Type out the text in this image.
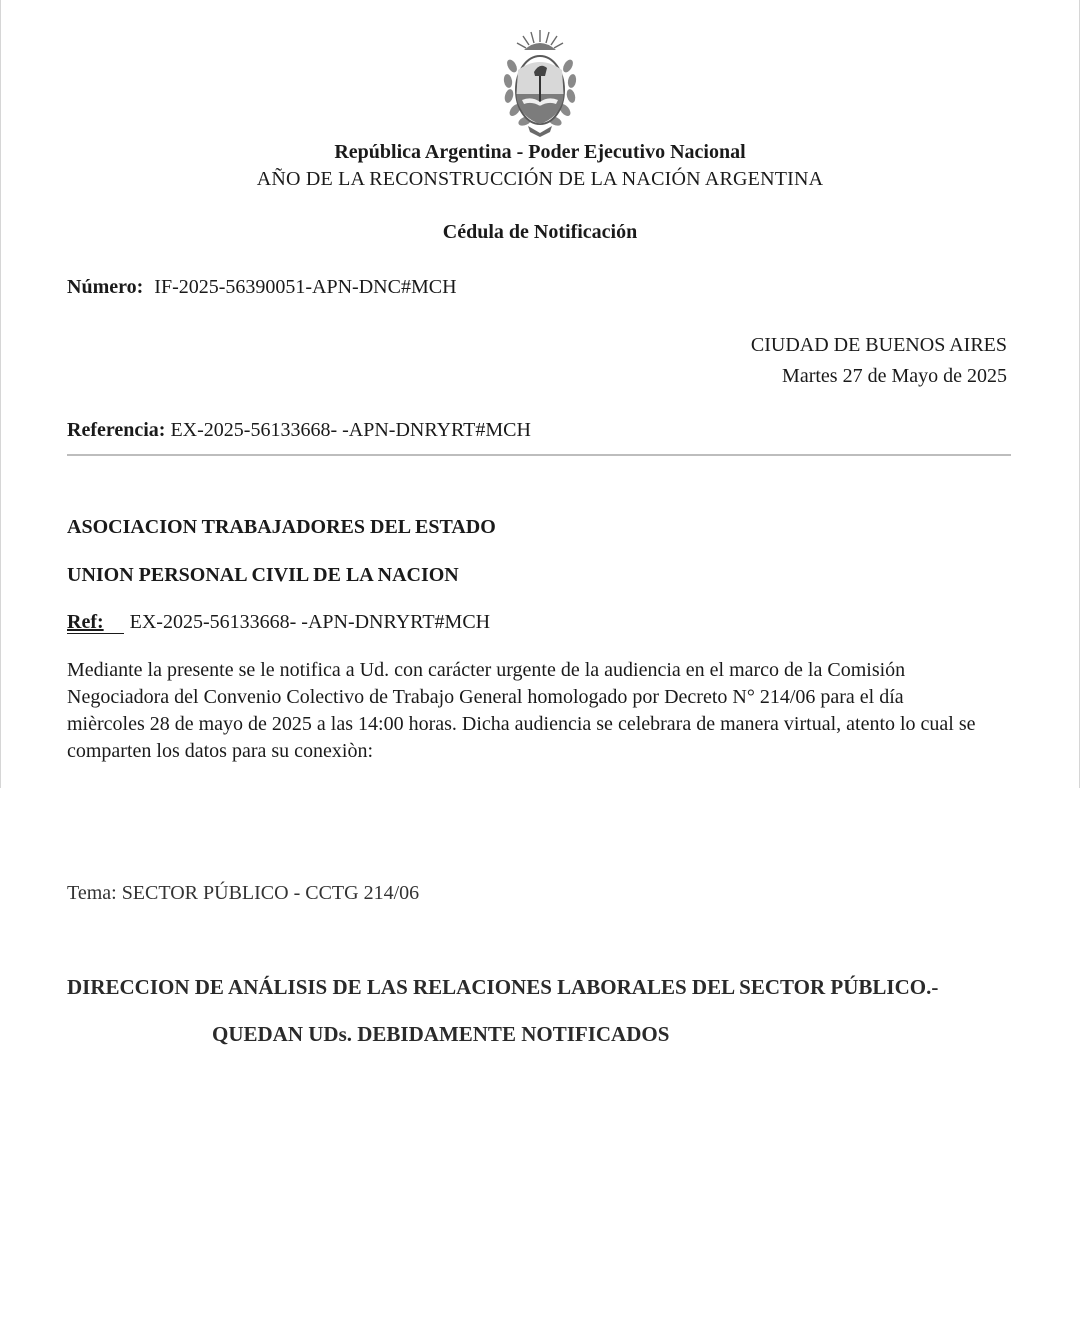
República Argentina - Poder Ejecutivo Nacional
AÑO DE LA RECONSTRUCCIÓN DE LA NACIÓN ARGENTINA
Cédula de Notificación
Número: IF-2025-56390051-APN-DNC#MCH
CIUDAD DE BUENOS AIRES
Martes 27 de Mayo de 2025
Referencia: EX-2025-56133668- -APN-DNRYRT#MCH
ASOCIACION TRABAJADORES DEL ESTADO
UNION PERSONAL CIVIL DE LA NACION
Ref: EX-2025-56133668- -APN-DNRYRT#MCH
Mediante la presente se le notifica a Ud. con carácter urgente de la audiencia en el marco de la Comisión
Negociadora del Convenio Colectivo de Trabajo General homologado por Decreto N° 214/06 para el día
mièrcoles 28 de mayo de 2025 a las 14:00 horas. Dicha audiencia se celebrara de manera virtual, atento lo cual se
comparten los datos para su conexiòn:
Tema: SECTOR PÚBLICO - CCTG 214/06
DIRECCION DE ANÁLISIS DE LAS RELACIONES LABORALES DEL SECTOR PÚBLICO.-
QUEDAN UDs. DEBIDAMENTE NOTIFICADOS
